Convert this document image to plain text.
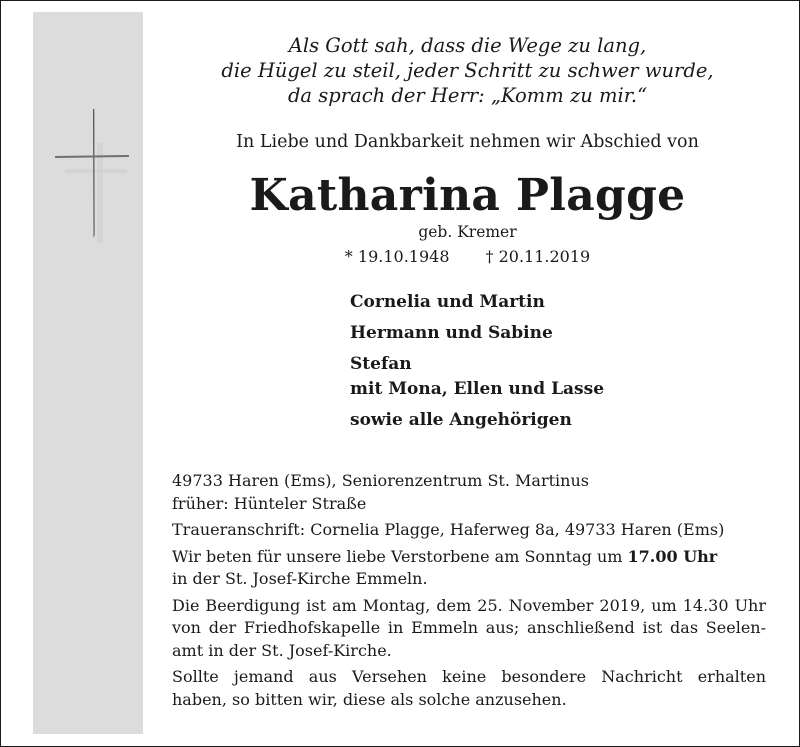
Als Gott sah, dass die Wege zu lang,
die Hügel zu steil, jeder Schritt zu schwer wurde,
da sprach der Herr: „Komm zu mir.“
In Liebe und Dankbarkeit nehmen wir Abschied von
Katharina Plagge
geb. Kremer
* 19.10.1948 † 20.11.2019
Cornelia und Martin
Hermann und Sabine
Stefan
mit Mona, Ellen und Lasse
sowie alle Angehörigen

49733 Haren (Ems), Seniorenzentrum St. Martinus
früher: Hünteler Straße

Traueranschrift: Cornelia Plagge, Haferweg 8a, 49733 Haren (Ems)

Wir beten für unsere liebe Verstorbene am Sonntag um 17.00 Uhr
in der St. Josef-Kirche Emmeln.

Die Beerdigung ist am Montag, dem 25. November 2019, um 14.30 Uhr
von der Friedhofskapelle in Emmeln aus; anschließend ist das Seelen-
amt in der St. Josef-Kirche.

Sollte jemand aus Versehen keine besondere Nachricht erhalten
haben, so bitten wir, diese als solche anzusehen.
